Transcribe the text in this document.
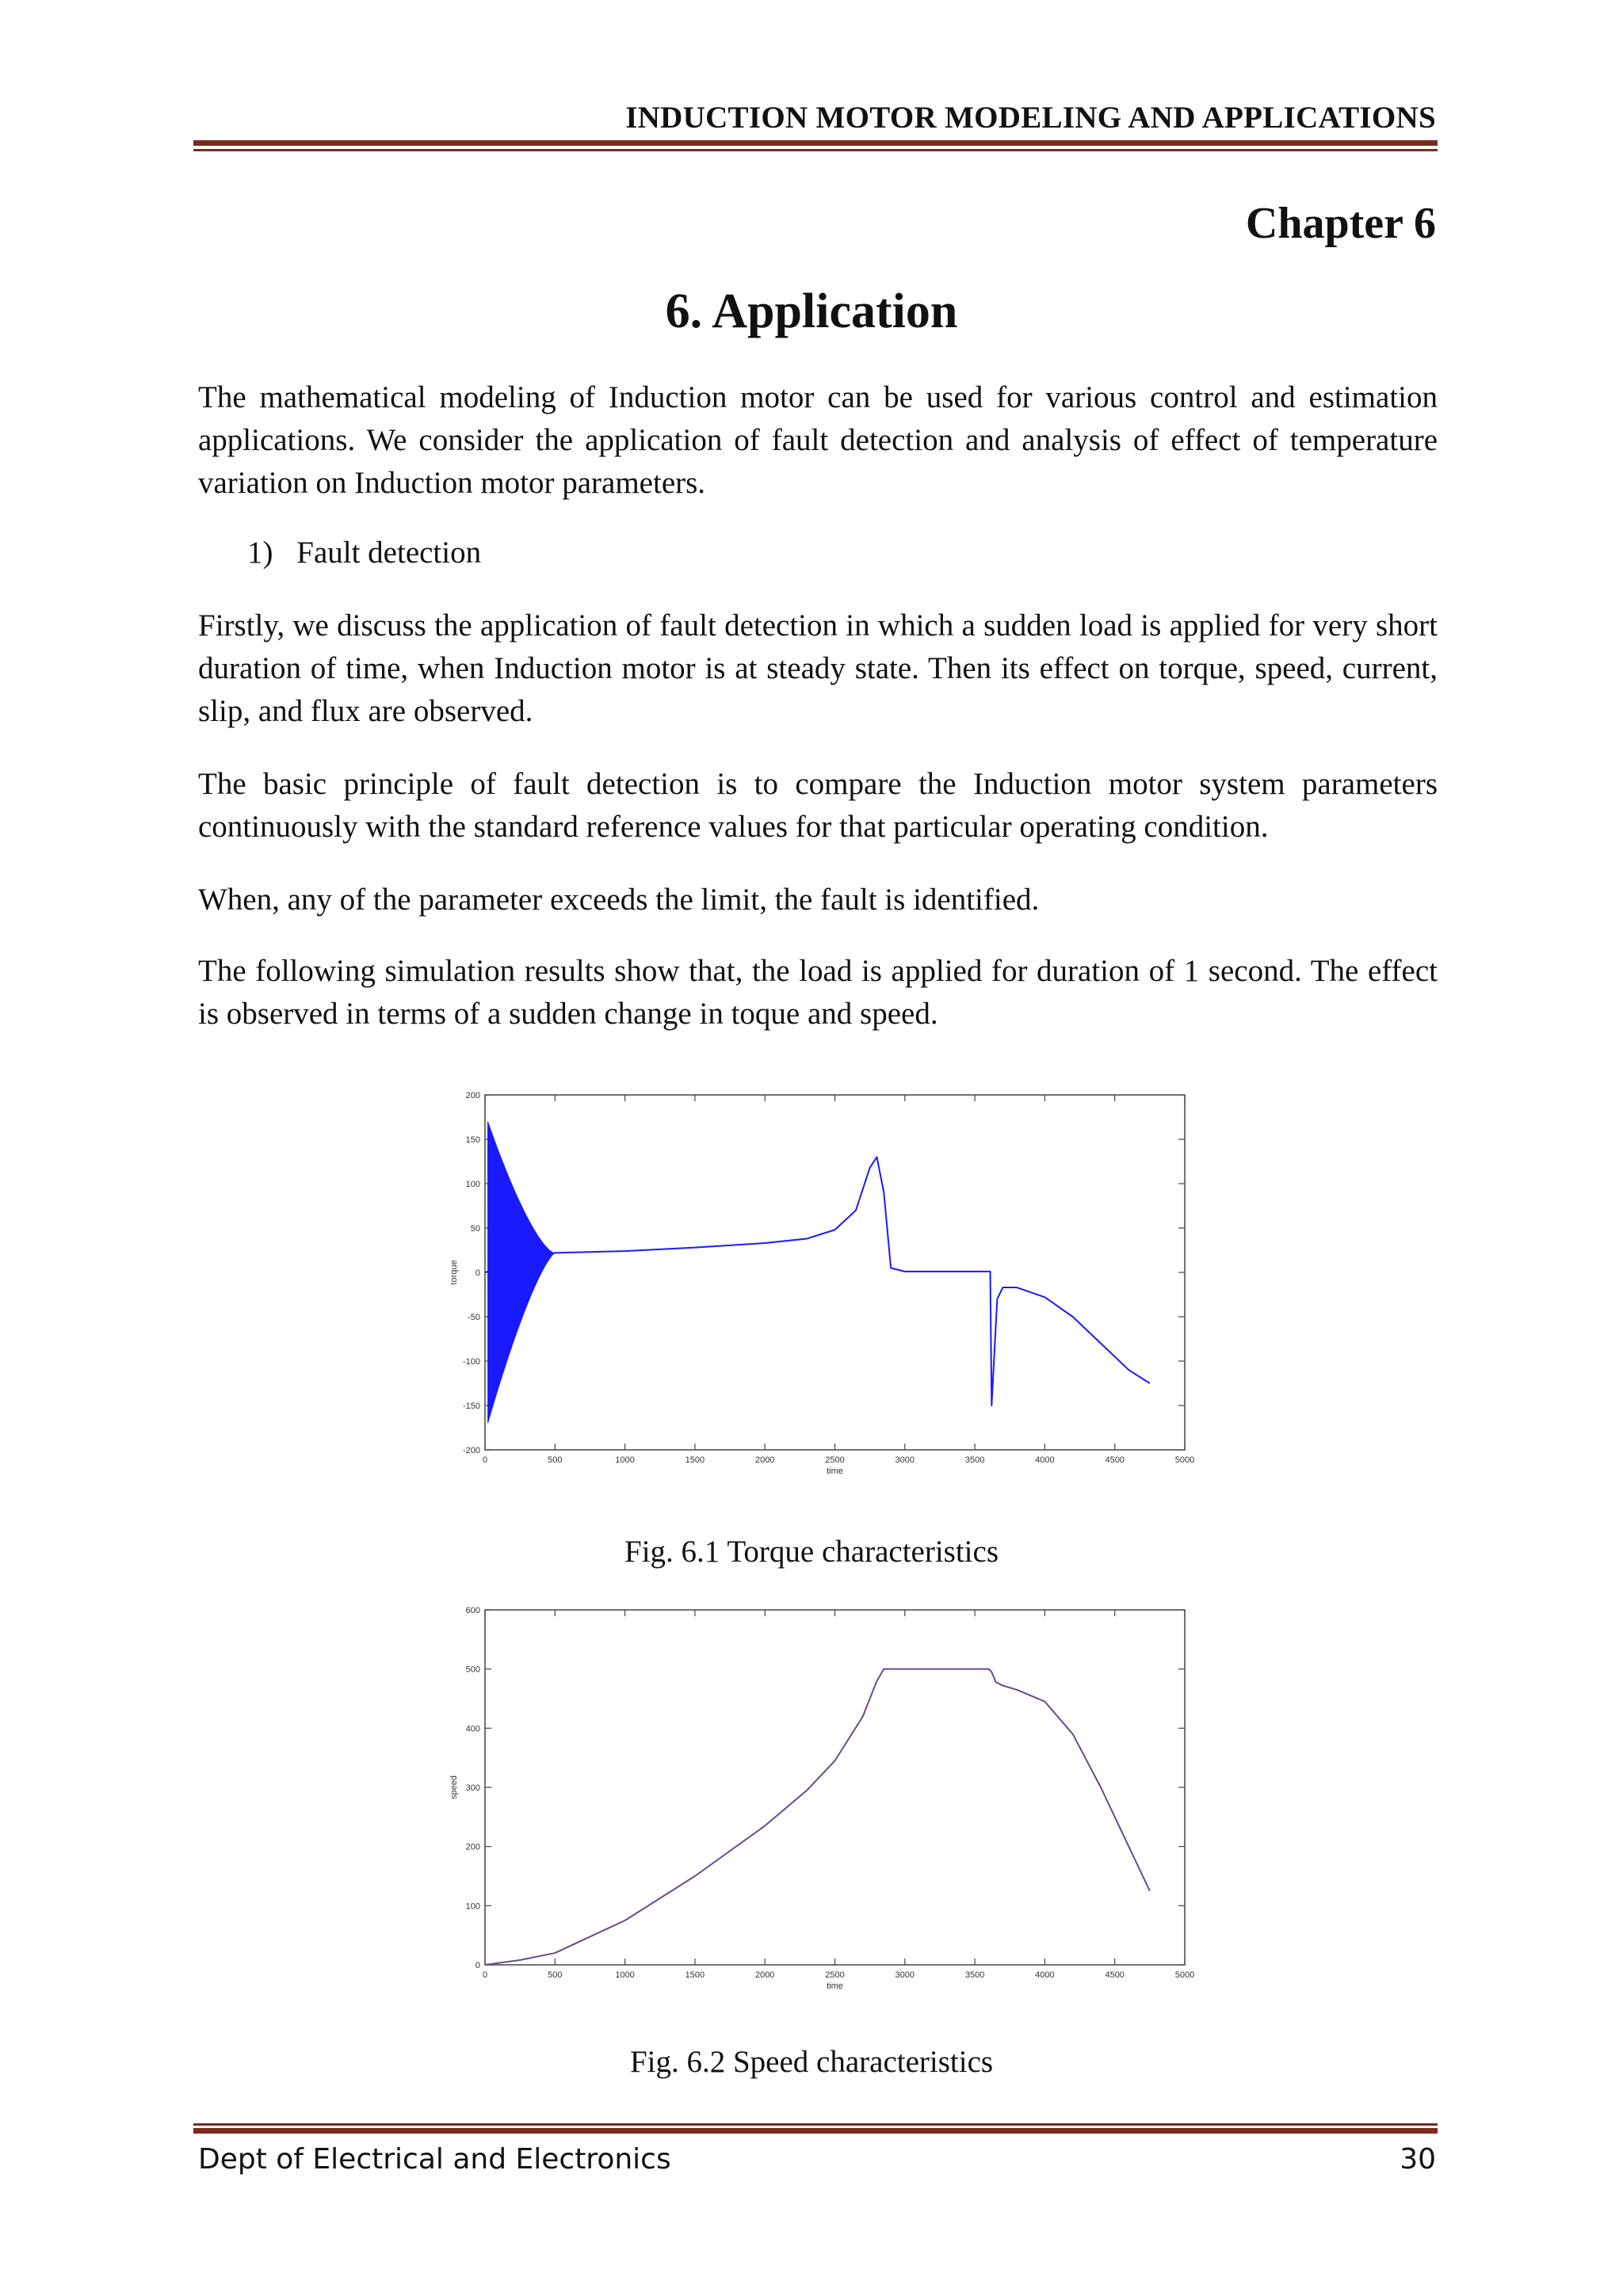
INDUCTION MOTOR MODELING AND APPLICATIONS
Chapter 6
6. Application

The mathematical modeling of Induction motor can be used for various control and estimation applications. We consider the application of fault detection and analysis of effect of temperature variation on Induction motor parameters.

1) Fault detection

Firstly, we discuss the application of fault detection in which a sudden load is applied for very short duration of time, when Induction motor is at steady state. Then its effect on torque, speed, current, slip, and flux are observed.

The basic principle of fault detection is to compare the Induction motor system parameters continuously with the standard reference values for that particular operating condition.

When, any of the parameter exceeds the limit, the fault is identified.

The following simulation results show that, the load is applied for duration of 1 second. The effect is observed in terms of a sudden change in toque and speed.

0	500	1000	1500	2000	2500	3000	3500	4000	4500	5000
-200
-150
-100
-50
0
50
100
150
200
time
torque
Fig. 6.1 Torque characteristics
0	500	1000	1500	2000	2500	3000	3500	4000	4500	5000
0
100
200
300
400
500
600
time
speed
Fig. 6.2 Speed characteristics
Dept of Electrical and Electronics	30
